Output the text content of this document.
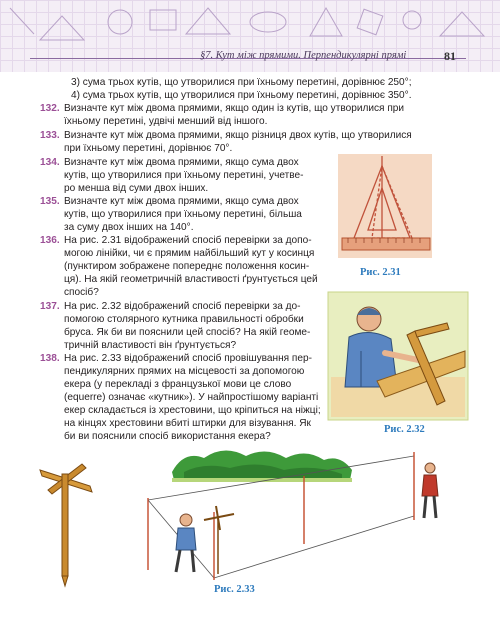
§7. Кут між прямими. Перпендикулярні прямі	81
3) сума трьох кутів, що утворилися при їхньому перетині, дорівнює 250°;
4) сума трьох кутів, що утворилися при їхньому перетині, дорівнює 350°.
132. Визначте кут між двома прямими, якщо один із кутів, що утворилися при
їхньому перетині, удвічі менший від іншого.
133. Визначте кут між двома прямими, якщо різниця двох кутів, що утворилися
при їхньому перетині, дорівнює 70°.
134. Визначте кут між двома прямими, якщо сума двох
кутів, що утворилися при їхньому перетині, учетве-
ро менша від суми двох інших.
135. Визначте кут між двома прямими, якщо сума двох
кутів, що утворилися при їхньому перетині, більша
за суму двох інших на 140°.
136. На рис. 2.31 відображений спосіб перевірки за допо-
могою лінійки, чи є прямим найбільший кут у косинця
(пунктиром зображене попереднє положення косин-
ця). На якій геометричній властивості ґрунтується цей
спосіб?
137. На рис. 2.32 відображений спосіб перевірки за до-
помогою столярного кутника правильності обробки
бруса. Як би ви пояснили цей спосіб? На якій геоме-
тричній властивості він ґрунтується?
138. На рис. 2.33 відображений спосіб провішування пер-
пендикулярних прямих на місцевості за допомогою
екера (у перекладі з французької мови це слово
(equerre) означає «кутник»). У найпростішому варіанті
екер складається із хрестовини, що кріпиться на ніжці;
на кінцях хрестовини вбиті штирки для візування. Як
би ви пояснили спосіб використання екера?
Рис. 2.31
Рис. 2.32
Рис. 2.33
